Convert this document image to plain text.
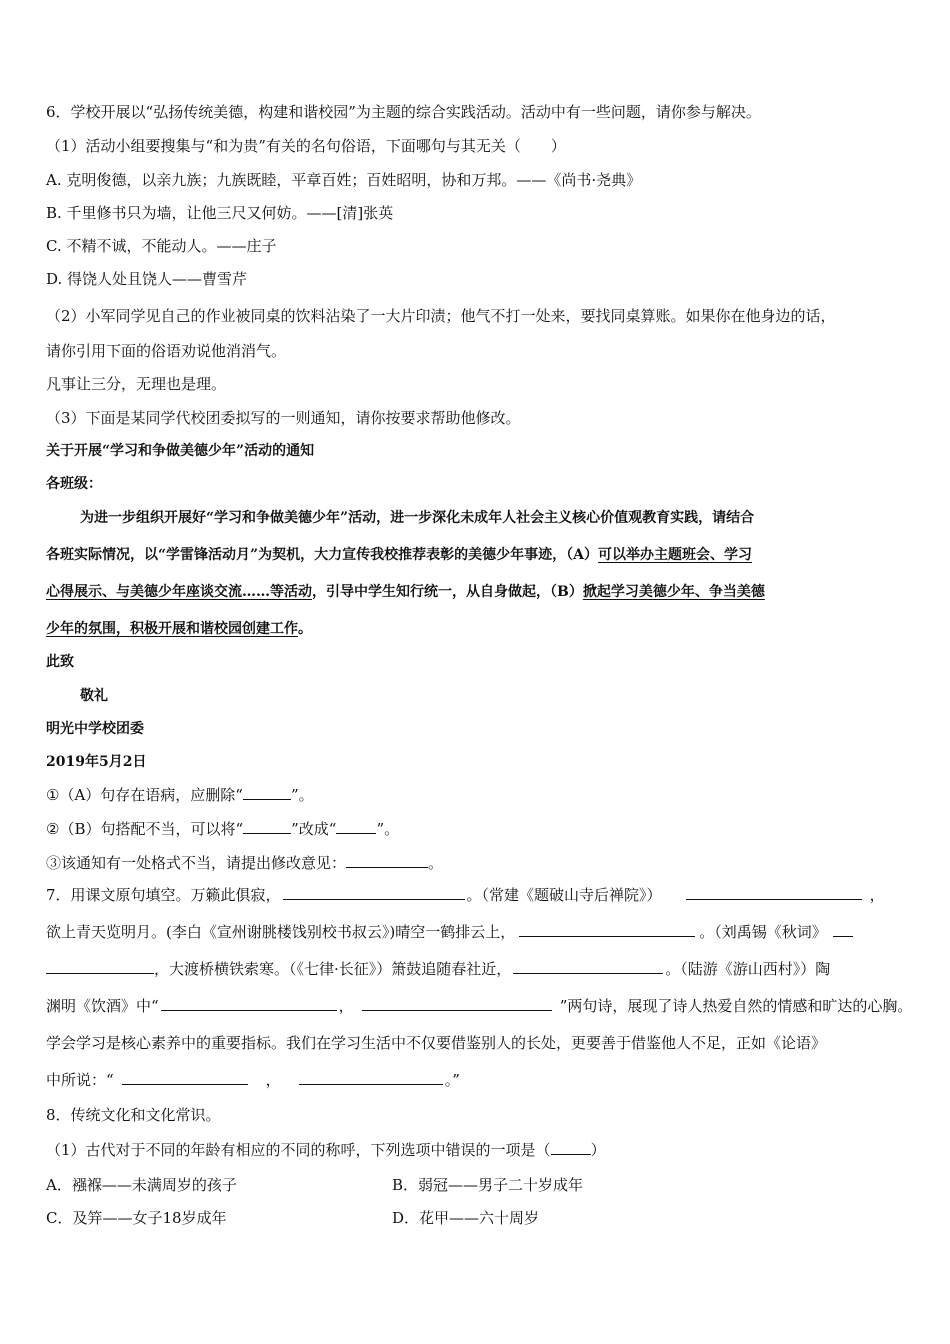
6．学校开展以“弘扬传统美德，构建和谐校园”为主题的综合实践活动。活动中有一些问题，请你参与解决。
（1）活动小组要搜集与“和为贵”有关的名句俗语，下面哪句与其无关（　　）
A. 克明俊德，以亲九族；九族既睦，平章百姓；百姓昭明，协和万邦。——《尚书·尧典》
B. 千里修书只为墙，让他三尺又何妨。——[清]张英
C. 不精不诚，不能动人。——庄子
D. 得饶人处且饶人——曹雪芹
（2）小军同学见自己的作业被同桌的饮料沾染了一大片印渍；他气不打一处来，要找同桌算账。如果你在他身边的话，
请你引用下面的俗语劝说他消消气。
凡事让三分，无理也是理。
（3）下面是某同学代校团委拟写的一则通知，请你按要求帮助他修改。
关于开展“学习和争做美德少年”活动的通知
各班级：
为进一步组织开展好“学习和争做美德少年”活动，进一步深化未成年人社会主义核心价值观教育实践，请结合
各班实际情况，以“学雷锋活动月”为契机，大力宣传我校推荐表彰的美德少年事迹，（A）可以举办主题班会、学习
心得展示、与美德少年座谈交流……等活动，引导中学生知行统一，从自身做起，（B）掀起学习美德少年、争当美德
少年的氛围，积极开展和谐校园创建工作。
此致
敬礼
明光中学校团委
2019年5月2日
①（A）句存在语病，应删除“	”。
②（B）句搭配不当，可以将“	”改成“	”。
③该通知有一处格式不当，请提出修改意见：	。
7．用课文原句填空。万籁此俱寂，	。（常建《题破山寺后禅院》）	，
欲上青天览明月。(李白《宣州谢朓楼饯别校书叔云》)晴空一鹤排云上，	。（刘禹锡《秋词》
，大渡桥横铁索寒。（《七律·长征》）箫鼓追随春社近，	。（陆游《游山西村》）陶
渊明《饮酒》中“	，	”两句诗，展现了诗人热爱自然的情感和旷达的心胸。
学会学习是核心素养中的重要指标。我们在学习生活中不仅要借鉴别人的长处，更要善于借鉴他人不足，正如《论语》
中所说：“	，	。”
8．传统文化和文化常识。
（1）古代对于不同的年龄有相应的不同的称呼，下列选项中错误的一项是（	）
A．襁褓——未满周岁的孩子	B．弱冠——男子二十岁成年
C．及笄——女子18岁成年	D．花甲——六十周岁
